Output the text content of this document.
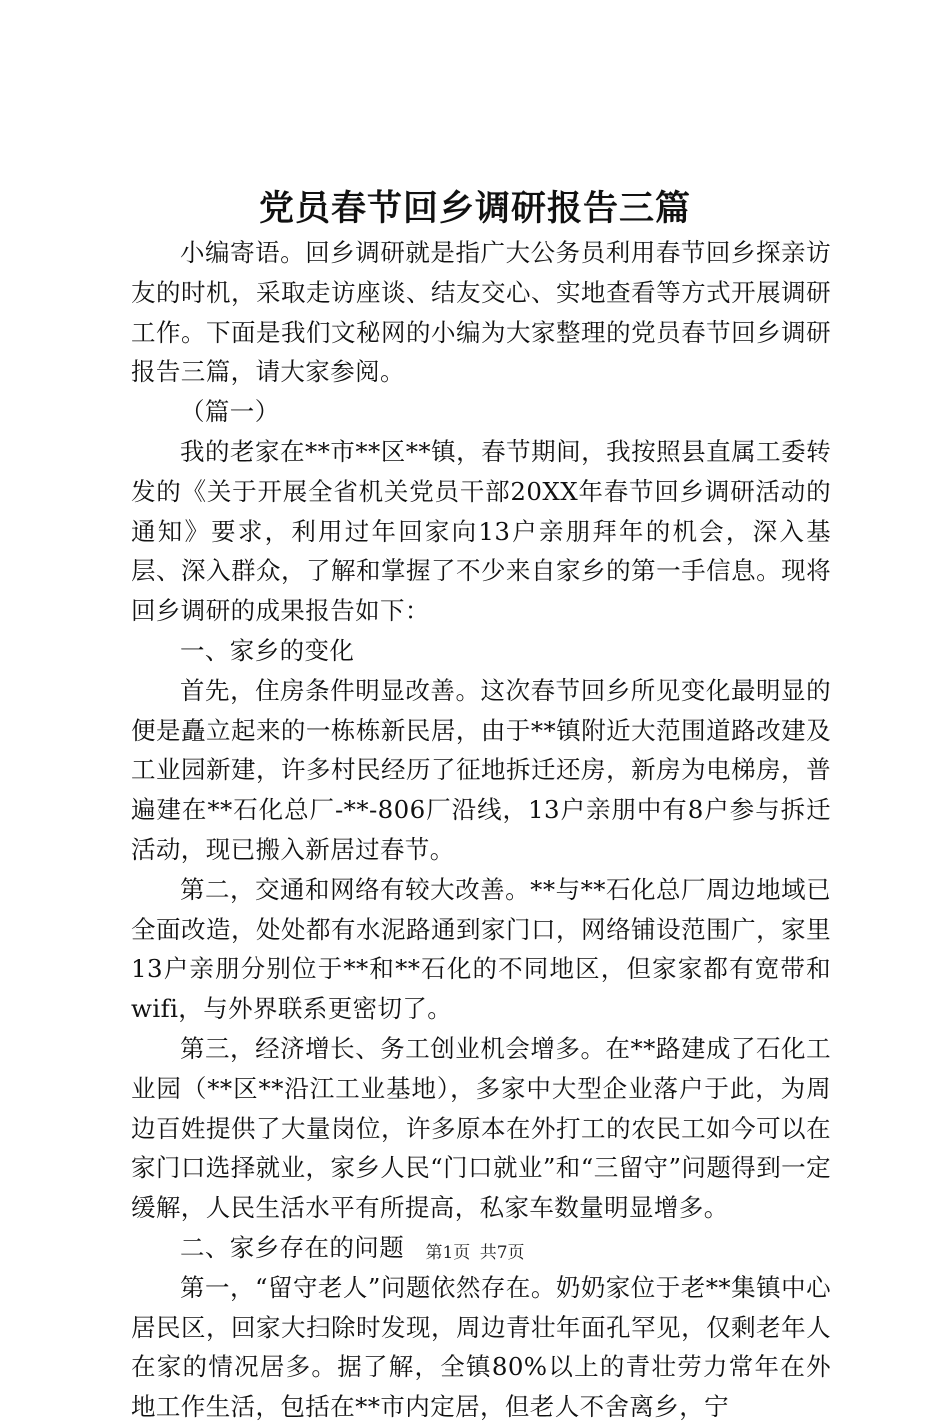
党员春节回乡调研报告三篇

小编寄语。回乡调研就是指广大公务员利用春节回乡探亲访友的时机，采取走访座谈、结友交心、实地查看等方式开展调研工作。下面是我们文秘网的小编为大家整理的党员春节回乡调研报告三篇，请大家参阅。

（篇一）

我的老家在**市**区**镇，春节期间，我按照县直属工委转发的《关于开展全省机关党员干部20XX年春节回乡调研活动的通知》要求，利用过年回家向13户亲朋拜年的机会，深入基层、深入群众，了解和掌握了不少来自家乡的第一手信息。现将回乡调研的成果报告如下：

一、家乡的变化

首先，住房条件明显改善。这次春节回乡所见变化最明显的便是矗立起来的一栋栋新民居，由于**镇附近大范围道路改建及工业园新建，许多村民经历了征地拆迁还房，新房为电梯房，普遍建在**石化总厂-**-806厂沿线，13户亲朋中有8户参与拆迁活动，现已搬入新居过春节。

第二，交通和网络有较大改善。**与**石化总厂周边地域已全面改造，处处都有水泥路通到家门口，网络铺设范围广，家里13户亲朋分别位于**和**石化的不同地区，但家家都有宽带和wifi，与外界联系更密切了。

第三，经济增长、务工创业机会增多。在**路建成了石化工业园（**区**沿江工业基地），多家中大型企业落户于此，为周边百姓提供了大量岗位，许多原本在外打工的农民工如今可以在家门口选择就业，家乡人民“门口就业”和“三留守”问题得到一定缓解，人民生活水平有所提高，私家车数量明显增多。

二、家乡存在的问题

第一，“留守老人”问题依然存在。奶奶家位于老**集镇中心居民区，回家大扫除时发现，周边青壮年面孔罕见，仅剩老年人在家的情况居多。据了解，全镇80%以上的青壮劳力常年在外地工作生活，包括在**市内定居，但老人不舍离乡，宁

第1页 共7页
